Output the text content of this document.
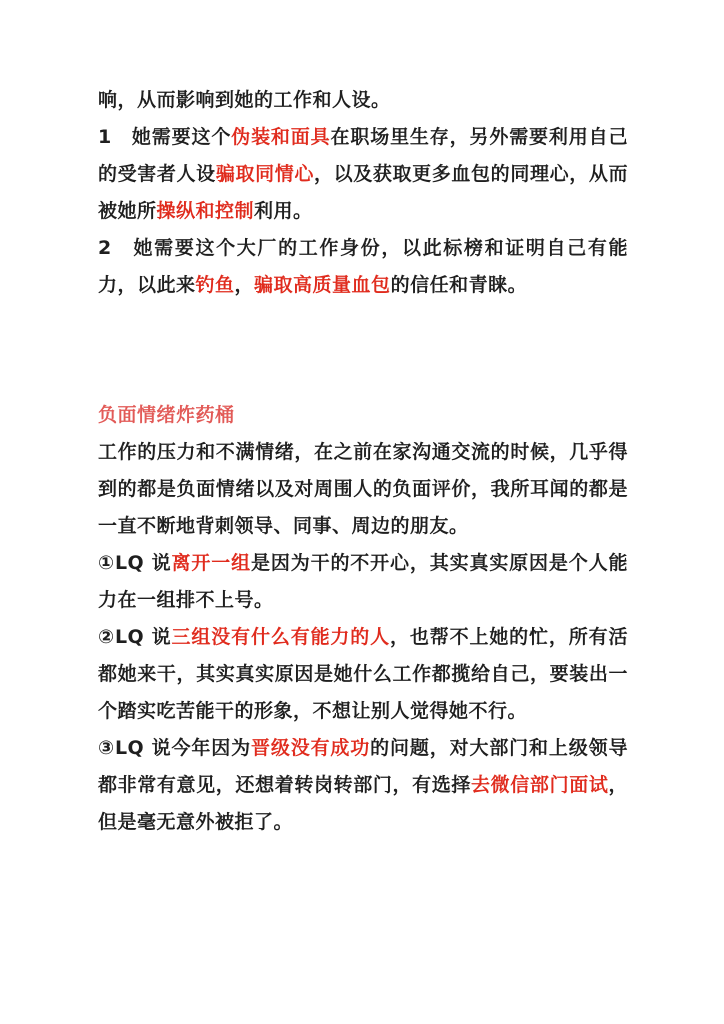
响，从而影响到她的工作和人设。

1　她需要这个伪装和面具在职场里生存，另外需要利用自己的受害者人设骗取同情心，以及获取更多血包的同理心，从而被她所操纵和控制利用。

2　她需要这个大厂的工作身份，以此标榜和证明自己有能力，以此来钓鱼，骗取高质量血包的信任和青睐。

负面情绪炸药桶

工作的压力和不满情绪，在之前在家沟通交流的时候，几乎得到的都是负面情绪以及对周围人的负面评价，我所耳闻的都是一直不断地背刺领导、同事、周边的朋友。

①LQ 说离开一组是因为干的不开心，其实真实原因是个人能力在一组排不上号。

②LQ 说三组没有什么有能力的人，也帮不上她的忙，所有活都她来干，其实真实原因是她什么工作都揽给自己，要装出一个踏实吃苦能干的形象，不想让别人觉得她不行。

③LQ 说今年因为晋级没有成功的问题，对大部门和上级领导都非常有意见，还想着转岗转部门，有选择去微信部门面试，但是毫无意外被拒了。
